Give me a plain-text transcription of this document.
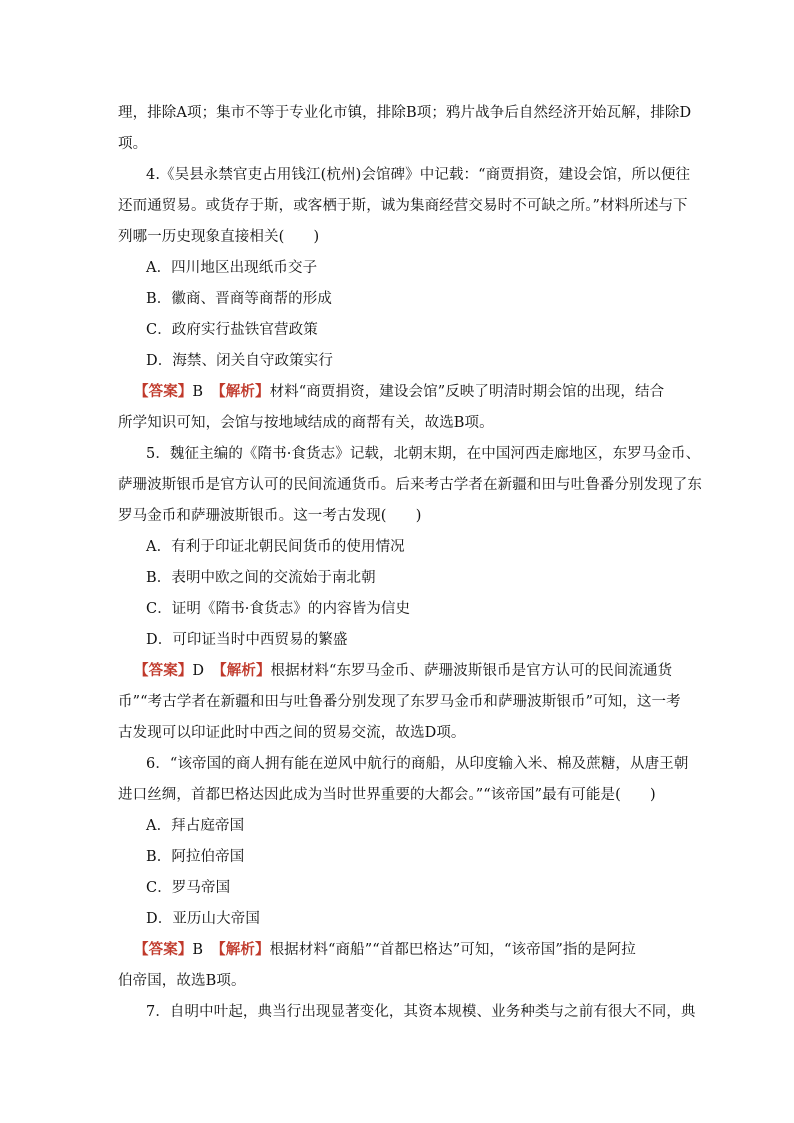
理，排除A项；集市不等于专业化市镇，排除B项；鸦片战争后自然经济开始瓦解，排除D
项。
4.《吴县永禁官吏占用钱江(杭州)会馆碑》中记载：“商贾捐资，建设会馆，所以便往
还而通贸易。或货存于斯，或客栖于斯，诚为集商经营交易时不可缺之所。”材料所述与下
列哪一历史现象直接相关(　　)
A．四川地区出现纸币交子
B．徽商、晋商等商帮的形成
C．政府实行盐铁官营政策
D．海禁、闭关自守政策实行
【答案】B 【解析】材料“商贾捐资，建设会馆”反映了明清时期会馆的出现，结合
所学知识可知，会馆与按地域结成的商帮有关，故选B项。
5．魏征主编的《隋书·食货志》记载，北朝末期，在中国河西走廊地区，东罗马金币、
萨珊波斯银币是官方认可的民间流通货币。后来考古学者在新疆和田与吐鲁番分别发现了东
罗马金币和萨珊波斯银币。这一考古发现(　　)
A．有利于印证北朝民间货币的使用情况
B．表明中欧之间的交流始于南北朝
C．证明《隋书·食货志》的内容皆为信史
D．可印证当时中西贸易的繁盛
【答案】D 【解析】根据材料“东罗马金币、萨珊波斯银币是官方认可的民间流通货
币”“考古学者在新疆和田与吐鲁番分别发现了东罗马金币和萨珊波斯银币”可知，这一考
古发现可以印证此时中西之间的贸易交流，故选D项。
6．“该帝国的商人拥有能在逆风中航行的商船，从印度输入米、棉及蔗糖，从唐王朝
进口丝绸，首都巴格达因此成为当时世界重要的大都会。”“该帝国”最有可能是(　　)
A．拜占庭帝国
B．阿拉伯帝国
C．罗马帝国
D．亚历山大帝国
【答案】B 【解析】根据材料“商船”“首都巴格达”可知，“该帝国”指的是阿拉
伯帝国，故选B项。
7．自明中叶起，典当行出现显著变化，其资本规模、业务种类与之前有很大不同，典
